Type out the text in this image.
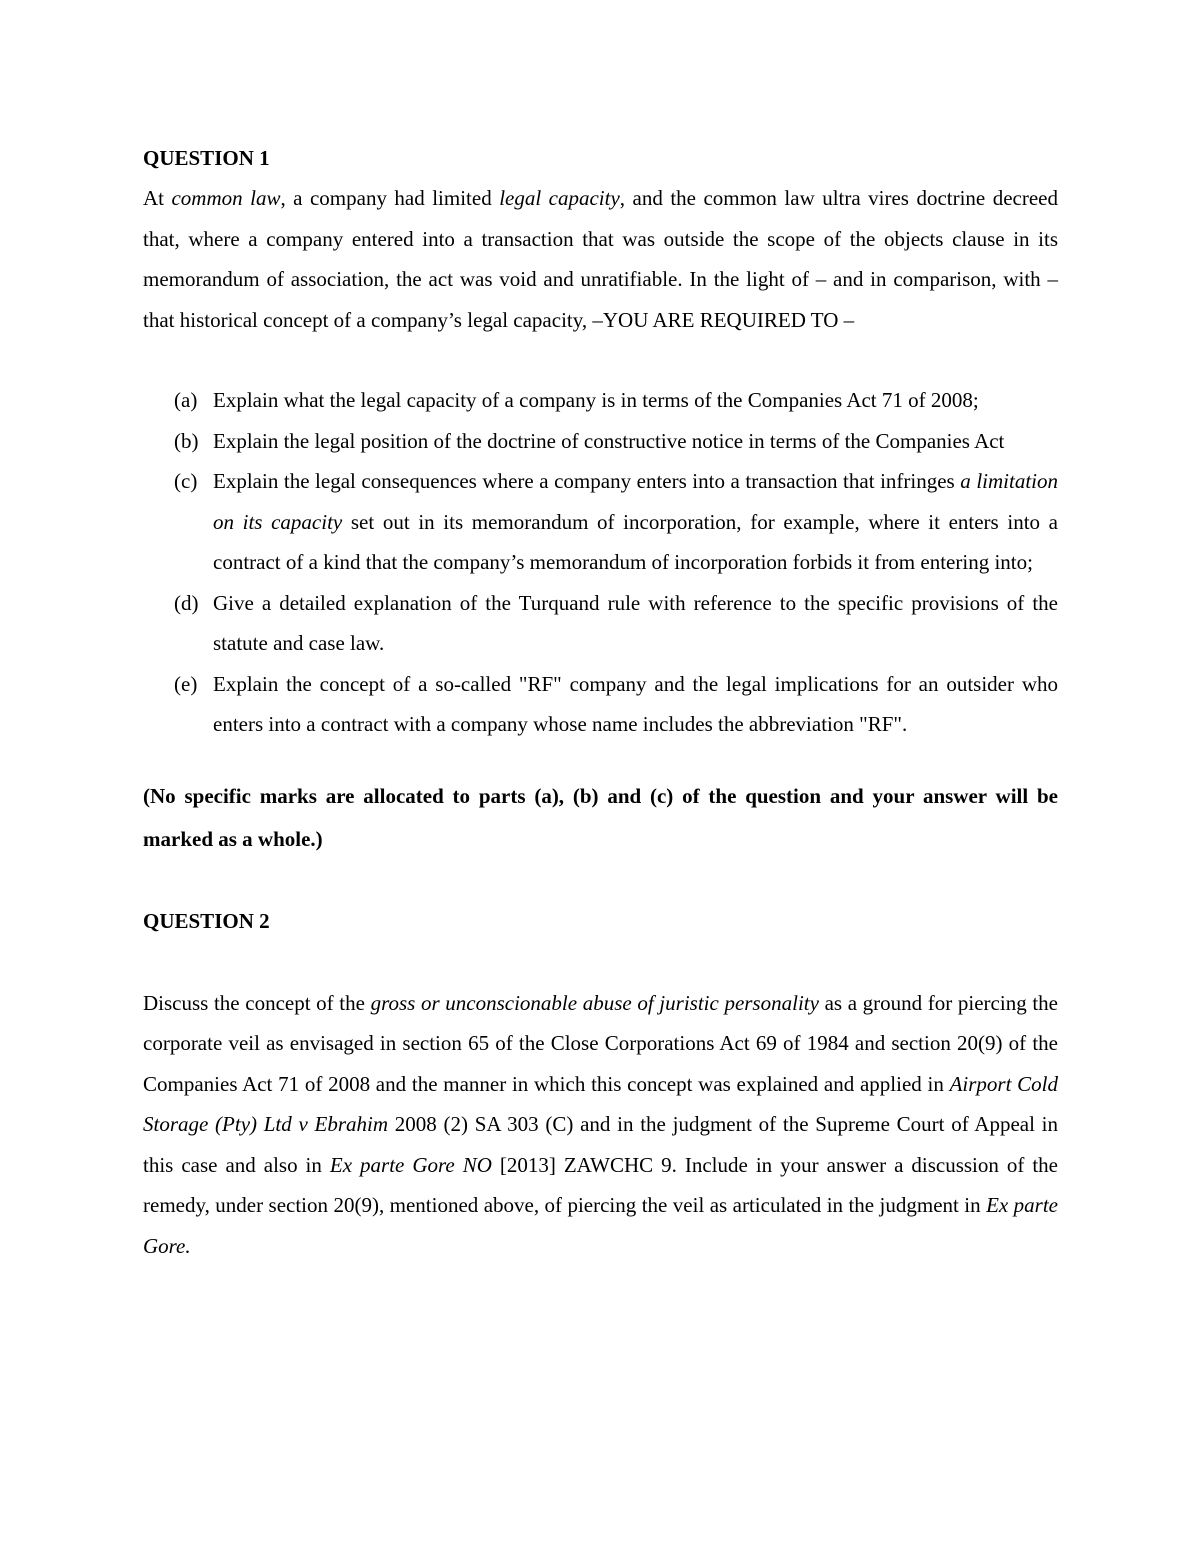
QUESTION 1

At common law, a company had limited legal capacity, and the common law ultra vires doctrine decreed that, where a company entered into a transaction that was outside the scope of the objects clause in its memorandum of association, the act was void and unratifiable. In the light of – and in comparison, with – that historical concept of a company’s legal capacity, –YOU ARE REQUIRED TO –

(a) Explain what the legal capacity of a company is in terms of the Companies Act 71 of 2008;
(b) Explain the legal position of the doctrine of constructive notice in terms of the Companies Act
(c) Explain the legal consequences where a company enters into a transaction that infringes a limitation on its capacity set out in its memorandum of incorporation, for example, where it enters into a contract of a kind that the company’s memorandum of incorporation forbids it from entering into;
(d) Give a detailed explanation of the Turquand rule with reference to the specific provisions of the statute and case law.
(e) Explain the concept of a so-called "RF" company and the legal implications for an outsider who enters into a contract with a company whose name includes the abbreviation "RF".

(No specific marks are allocated to parts (a), (b) and (c) of the question and your answer will be marked as a whole.)

QUESTION 2

Discuss the concept of the gross or unconscionable abuse of juristic personality as a ground for piercing the corporate veil as envisaged in section 65 of the Close Corporations Act 69 of 1984 and section 20(9) of the Companies Act 71 of 2008 and the manner in which this concept was explained and applied in Airport Cold Storage (Pty) Ltd v Ebrahim 2008 (2) SA 303 (C) and in the judgment of the Supreme Court of Appeal in this case and also in Ex parte Gore NO [2013] ZAWCHC 9. Include in your answer a discussion of the remedy, under section 20(9), mentioned above, of piercing the veil as articulated in the judgment in Ex parte Gore.
